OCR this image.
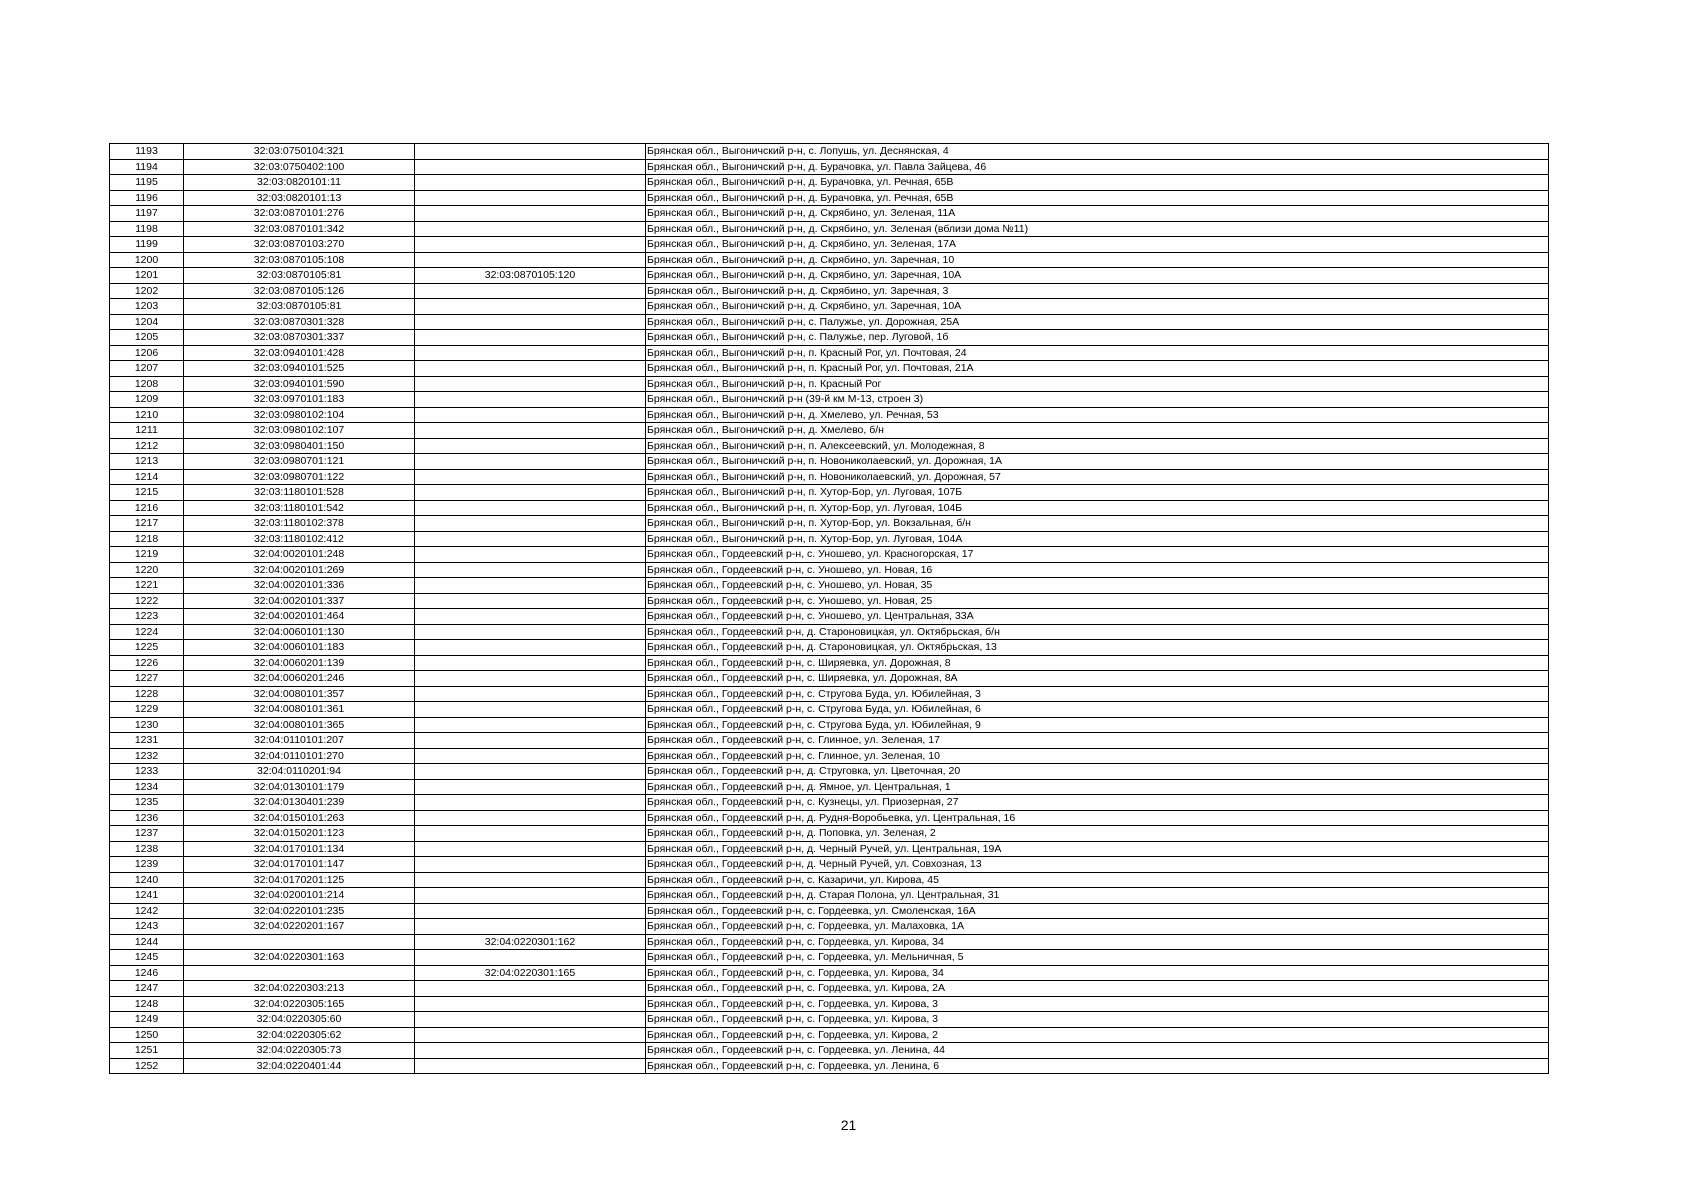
1193	32:03:0750104:321		Брянская обл., Выгоничский р-н, с. Лопушь, ул. Деснянская, 4
1194	32:03:0750402:100		Брянская обл., Выгоничский р-н, д. Бурачовка, ул. Павла Зайцева, 46
1195	32:03:0820101:11		Брянская обл., Выгоничский р-н, д. Бурачовка, ул. Речная, 65В
1196	32:03:0820101:13		Брянская обл., Выгоничский р-н, д. Бурачовка, ул. Речная, 65В
1197	32:03:0870101:276		Брянская обл., Выгоничский р-н, д. Скрябино, ул. Зеленая, 11А
1198	32:03:0870101:342		Брянская обл., Выгоничский р-н, д. Скрябино, ул. Зеленая (вблизи дома №11)
1199	32:03:0870103:270		Брянская обл., Выгоничский р-н, д. Скрябино, ул. Зеленая, 17А
1200	32:03:0870105:108		Брянская обл., Выгоничский р-н, д. Скрябино, ул. Заречная, 10
1201	32:03:0870105:81	32:03:0870105:120	Брянская обл., Выгоничский р-н, д. Скрябино, ул. Заречная, 10А
1202	32:03:0870105:126		Брянская обл., Выгоничский р-н, д. Скрябино, ул. Заречная, 3
1203	32:03:0870105:81		Брянская обл., Выгоничский р-н, д. Скрябино, ул. Заречная, 10А
1204	32:03:0870301:328		Брянская обл., Выгоничский р-н, с. Палужье, ул. Дорожная, 25А
1205	32:03:0870301:337		Брянская обл., Выгоничский р-н, с. Палужье, пер. Луговой, 1б
1206	32:03:0940101:428		Брянская обл., Выгоничский р-н, п. Красный Рог, ул. Почтовая, 24
1207	32:03:0940101:525		Брянская обл., Выгоничский р-н, п. Красный Рог, ул. Почтовая, 21А
1208	32:03:0940101:590		Брянская обл., Выгоничский р-н, п. Красный Рог
1209	32:03:0970101:183		Брянская обл., Выгоничский р-н (39-й км М-13, строен 3)
1210	32:03:0980102:104		Брянская обл., Выгоничский р-н, д. Хмелево, ул. Речная, 53
1211	32:03:0980102:107		Брянская обл., Выгоничский р-н, д. Хмелево, б/н
1212	32:03:0980401:150		Брянская обл., Выгоничский р-н, п. Алексеевский, ул. Молодежная, 8
1213	32:03:0980701:121		Брянская обл., Выгоничский р-н, п. Новониколаевский, ул. Дорожная, 1А
1214	32:03:0980701:122		Брянская обл., Выгоничский р-н, п. Новониколаевский, ул. Дорожная, 57
1215	32:03:1180101:528		Брянская обл., Выгоничский р-н, п. Хутор-Бор, ул. Луговая, 107Б
1216	32:03:1180101:542		Брянская обл., Выгоничский р-н, п. Хутор-Бор, ул. Луговая, 104Б
1217	32:03:1180102:378		Брянская обл., Выгоничский р-н, п. Хутор-Бор, ул. Вокзальная, б/н
1218	32:03:1180102:412		Брянская обл., Выгоничский р-н, п. Хутор-Бор, ул. Луговая, 104А
1219	32:04:0020101:248		Брянская обл., Гордеевский р-н, с. Уношево, ул. Красногорская, 17
1220	32:04:0020101:269		Брянская обл., Гордеевский р-н, с. Уношево, ул. Новая, 16
1221	32:04:0020101:336		Брянская обл., Гордеевский р-н, с. Уношево, ул. Новая, 35
1222	32:04:0020101:337		Брянская обл., Гордеевский р-н, с. Уношево, ул. Новая, 25
1223	32:04:0020101:464		Брянская обл., Гордеевский р-н, с. Уношево, ул. Центральная, 33А
1224	32:04:0060101:130		Брянская обл., Гордеевский р-н, д. Староновицкая, ул. Октябрьская, б/н
1225	32:04:0060101:183		Брянская обл., Гордеевский р-н, д. Староновицкая, ул. Октябрьская, 13
1226	32:04:0060201:139		Брянская обл., Гордеевский р-н, с. Ширяевка, ул. Дорожная, 8
1227	32:04:0060201:246		Брянская обл., Гордеевский р-н, с. Ширяевка, ул. Дорожная, 8А
1228	32:04:0080101:357		Брянская обл., Гордеевский р-н, с. Стругова Буда, ул. Юбилейная, 3
1229	32:04:0080101:361		Брянская обл., Гордеевский р-н, с. Стругова Буда, ул. Юбилейная, 6
1230	32:04:0080101:365		Брянская обл., Гордеевский р-н, с. Стругова Буда, ул. Юбилейная, 9
1231	32:04:0110101:207		Брянская обл., Гордеевский р-н, с. Глинное, ул. Зеленая, 17
1232	32:04:0110101:270		Брянская обл., Гордеевский р-н, с. Глинное, ул. Зеленая, 10
1233	32:04:0110201:94		Брянская обл., Гордеевский р-н, д. Струговка, ул. Цветочная, 20
1234	32:04:0130101:179		Брянская обл., Гордеевский р-н, д. Ямное, ул. Центральная, 1
1235	32:04:0130401:239		Брянская обл., Гордеевский р-н, с. Кузнецы, ул. Приозерная, 27
1236	32:04:0150101:263		Брянская обл., Гордеевский р-н, д. Рудня-Воробьевка, ул. Центральная, 16
1237	32:04:0150201:123		Брянская обл., Гордеевский р-н, д. Поповка, ул. Зеленая, 2
1238	32:04:0170101:134		Брянская обл., Гордеевский р-н, д. Черный Ручей, ул. Центральная, 19А
1239	32:04:0170101:147		Брянская обл., Гордеевский р-н, д. Черный Ручей, ул. Совхозная, 13
1240	32:04:0170201:125		Брянская обл., Гордеевский р-н, с. Казаричи, ул. Кирова, 45
1241	32:04:0200101:214		Брянская обл., Гордеевский р-н, д. Старая Полона, ул. Центральная, 31
1242	32:04:0220101:235		Брянская обл., Гордеевский р-н, с. Гордеевка, ул. Смоленская, 16А
1243	32:04:0220201:167		Брянская обл., Гордеевский р-н, с. Гордеевка, ул. Малаховка, 1А
1244		32:04:0220301:162	Брянская обл., Гордеевский р-н, с. Гордеевка, ул. Кирова, 34
1245	32:04:0220301:163		Брянская обл., Гордеевский р-н, с. Гордеевка, ул. Мельничная, 5
1246		32:04:0220301:165	Брянская обл., Гордеевский р-н, с. Гордеевка, ул. Кирова, 34
1247	32:04:0220303:213		Брянская обл., Гордеевский р-н, с. Гордеевка, ул. Кирова, 2А
1248	32:04:0220305:165		Брянская обл., Гордеевский р-н, с. Гордеевка, ул. Кирова, 3
1249	32:04:0220305:60		Брянская обл., Гордеевский р-н, с. Гордеевка, ул. Кирова, 3
1250	32:04:0220305:62		Брянская обл., Гордеевский р-н, с. Гордеевка, ул. Кирова, 2
1251	32:04:0220305:73		Брянская обл., Гордеевский р-н, с. Гордеевка, ул. Ленина, 44
1252	32:04:0220401:44		Брянская обл., Гордеевский р-н, с. Гордеевка, ул. Ленина, 6
21
